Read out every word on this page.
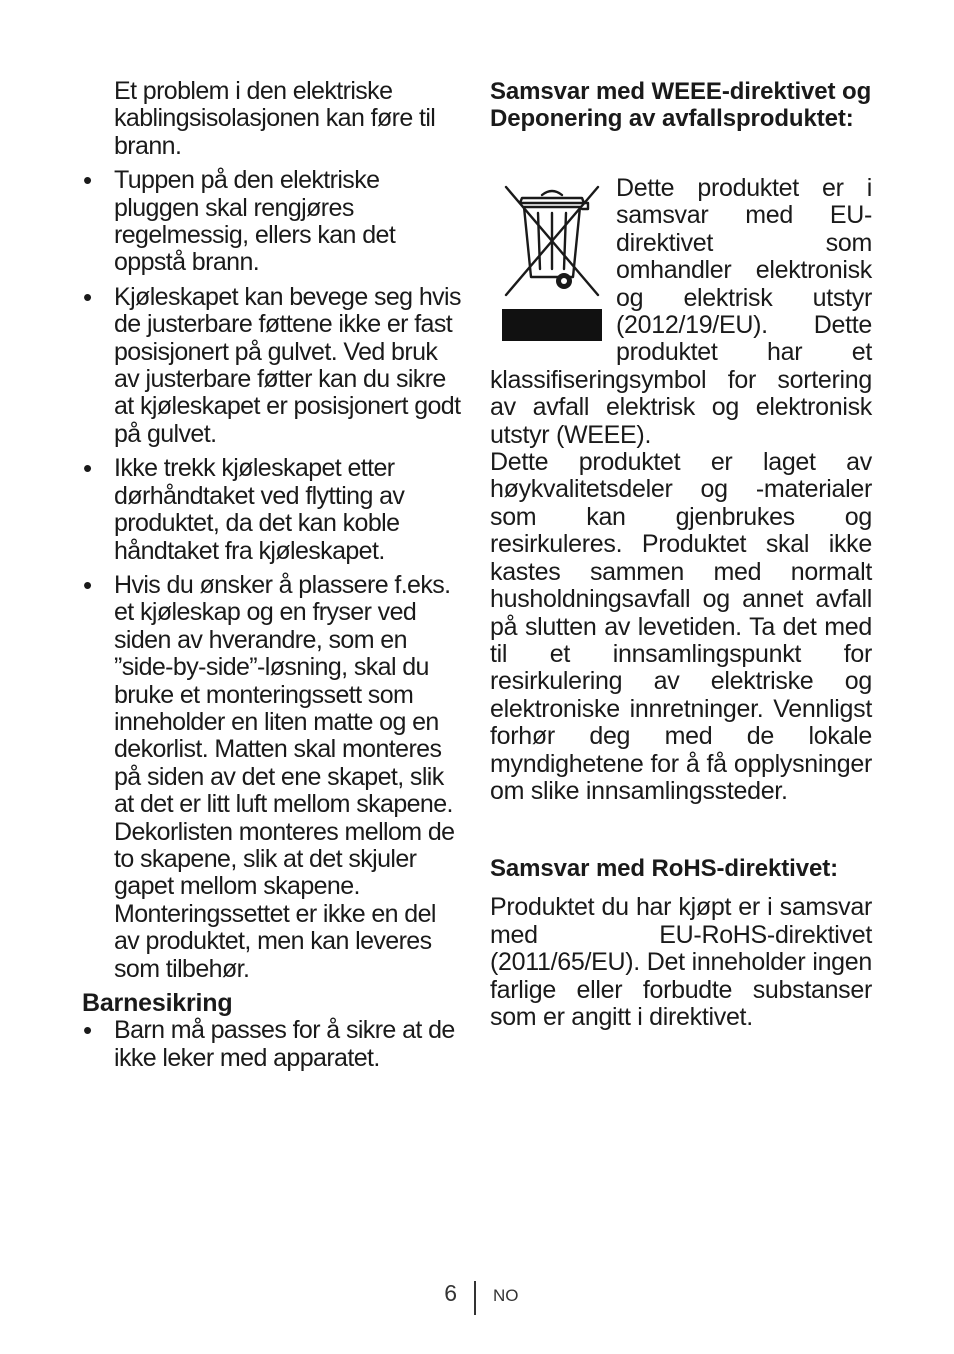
Et problem i den elektriske kablingsisolasjonen kan føre til brann.

• Tuppen på den elektriske pluggen skal rengjøres regelmessig, ellers kan det oppstå brann.
• Kjøleskapet kan bevege seg hvis de justerbare føttene ikke er fast posisjonert på gulvet. Ved bruk av justerbare føtter kan du sikre at kjøleskapet er posisjonert godt på gulvet.
• Ikke trekk kjøleskapet etter dørhåndtaket ved flytting av produktet, da det kan koble håndtaket fra kjøleskapet.
• Hvis du ønsker å plassere f.eks. et kjøleskap og en fryser ved siden av hverandre, som en ”side-by-side”-løsning, skal du bruke et monteringssett som inneholder en liten matte og en dekorlist. Matten skal monteres på siden av det ene skapet, slik at det er litt luft mellom skapene. Dekorlisten monteres mellom de to skapene, slik at det skjuler gapet mellom skapene. Monteringssettet er ikke en del av produktet, men kan leveres som tilbehør.
Barnesikring
• Barn må passes for å sikre at de ikke leker med apparatet.
Samsvar med WEEE-direktivet og Deponering av avfallsproduktet:

Dette produktet er i samsvar med EU-direktivet som omhandler elektronisk og elektrisk utstyr (2012/19/EU). Dette produktet har et klassifiseringsymbol for sortering av avfall elektrisk og elektronisk utstyr (WEEE).

Dette produktet er laget av høykvalitetsdeler og -materialer som kan gjenbrukes og resirkuleres. Produktet skal ikke kastes sammen med normalt husholdningsavfall og annet avfall på slutten av levetiden. Ta det med til et innsamlingspunkt for resirkulering av elektriske og elektroniske innretninger. Vennligst forhør deg med de lokale myndighetene for å få opplysninger om slike innsamlingssteder.

Samsvar med RoHS-direktivet:

Produktet du har kjøpt er i samsvar med EU-RoHS-direktivet (2011/65/EU). Det inneholder ingen farlige eller forbudte substanser som er angitt i direktivet.

6 NO
